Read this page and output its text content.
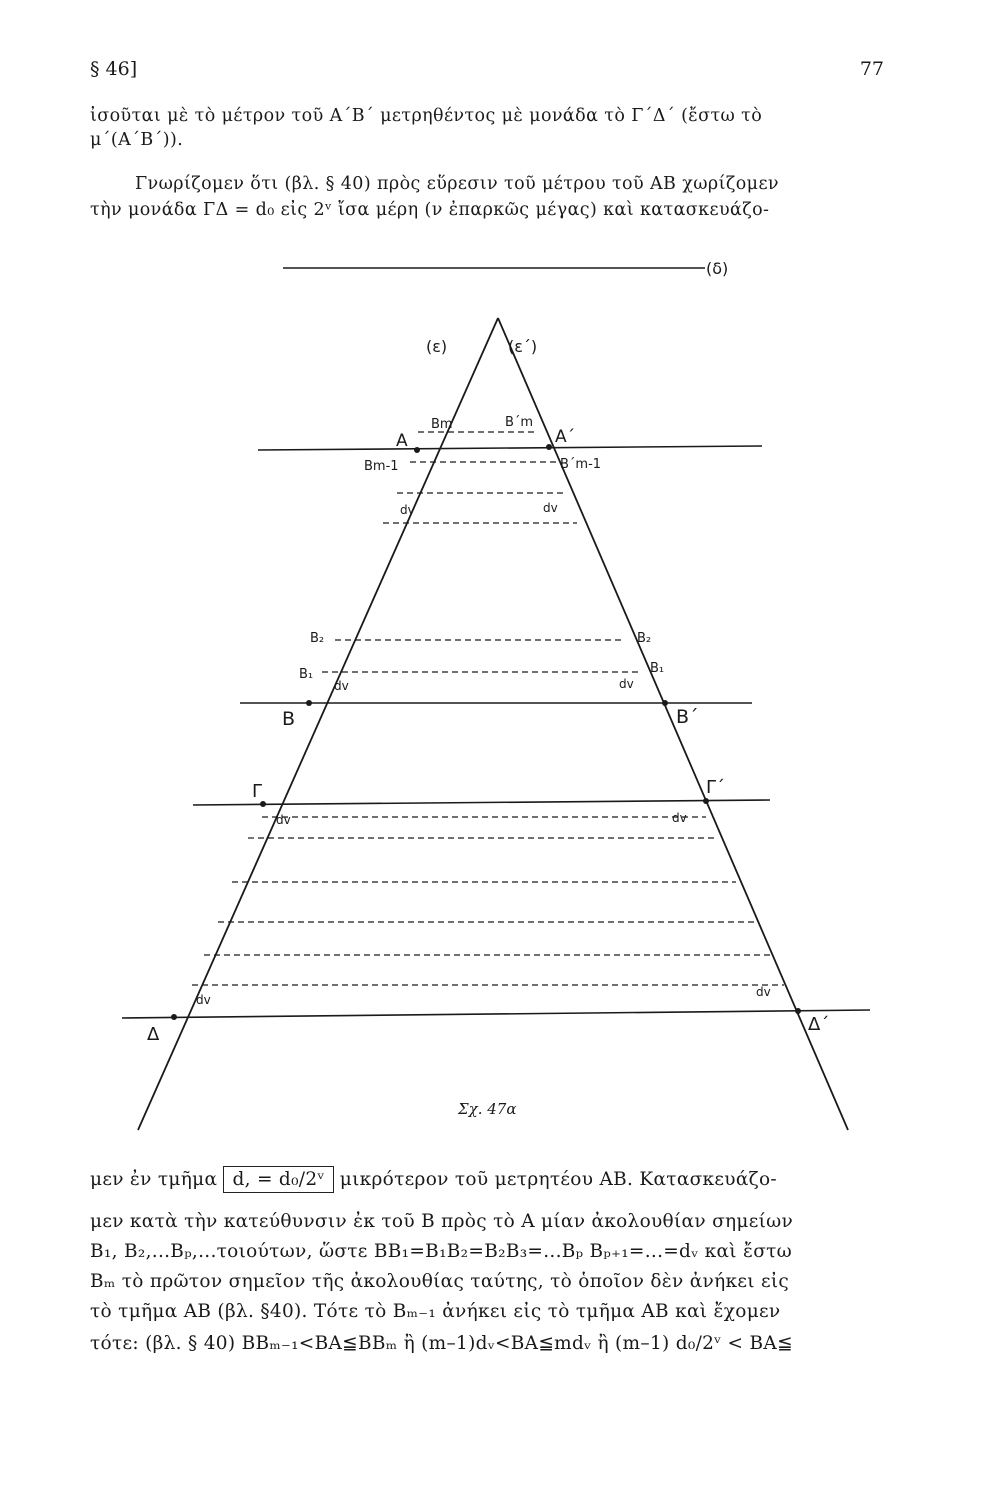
§ 46]	77
ἰσοῦται μὲ τὸ μέτρον τοῦ Α΄Β΄ μετρηθέντος μὲ μονάδα τὸ Γ΄Δ΄ (ἔστω τὸ
μ΄(Α΄Β΄)).
Γνωρίζομεν ὅτι (βλ. § 40) πρὸς εὕρεσιν τοῦ μέτρου τοῦ ΑΒ χωρίζομεν
τὴν μονάδα ΓΔ = d₀ εἰς 2ᵛ ἴσα μέρη (ν ἐπαρκῶς μέγας) καὶ κατασκευάζο-
(δ)
(ε)	(ε΄)
Bm	B΄m
A	A΄
Bm-1	B΄m-1
dv	dv
B₂	B₂
B₁	B₁
dv	dv
B	B΄
Γ	Γ΄
dv	dv
dv
dv
Δ	Δ΄
Σχ. 47α
μεν ἐν τμῆμα d, = d₀/2ᵛ μικρότερον τοῦ μετρητέου ΑΒ. Κατασκευάζο-
μεν κατὰ τὴν κατεύθυνσιν ἐκ τοῦ Β πρὸς τὸ Α μίαν ἀκολουθίαν σημείων
B₁, B₂,...Bₚ,...τοιούτων, ὥστε BB₁=B₁B₂=B₂B₃=...Bₚ Bₚ₊₁=...=dᵥ καὶ ἔστω
Bₘ τὸ πρῶτον σημεῖον τῆς ἀκολουθίας ταύτης, τὸ ὁποῖον δὲν ἀνήκει εἰς
τὸ τμῆμα ΑΒ (βλ. §40). Τότε τὸ Bₘ₋₁ ἀνήκει εἰς τὸ τμῆμα ΑΒ καὶ ἔχομεν
τότε: (βλ. § 40) BBₘ₋₁<BA≦BBₘ ἢ (m–1)dᵥ<BA≦mdᵥ ἢ (m–1) d₀/2ᵛ < BA≦
